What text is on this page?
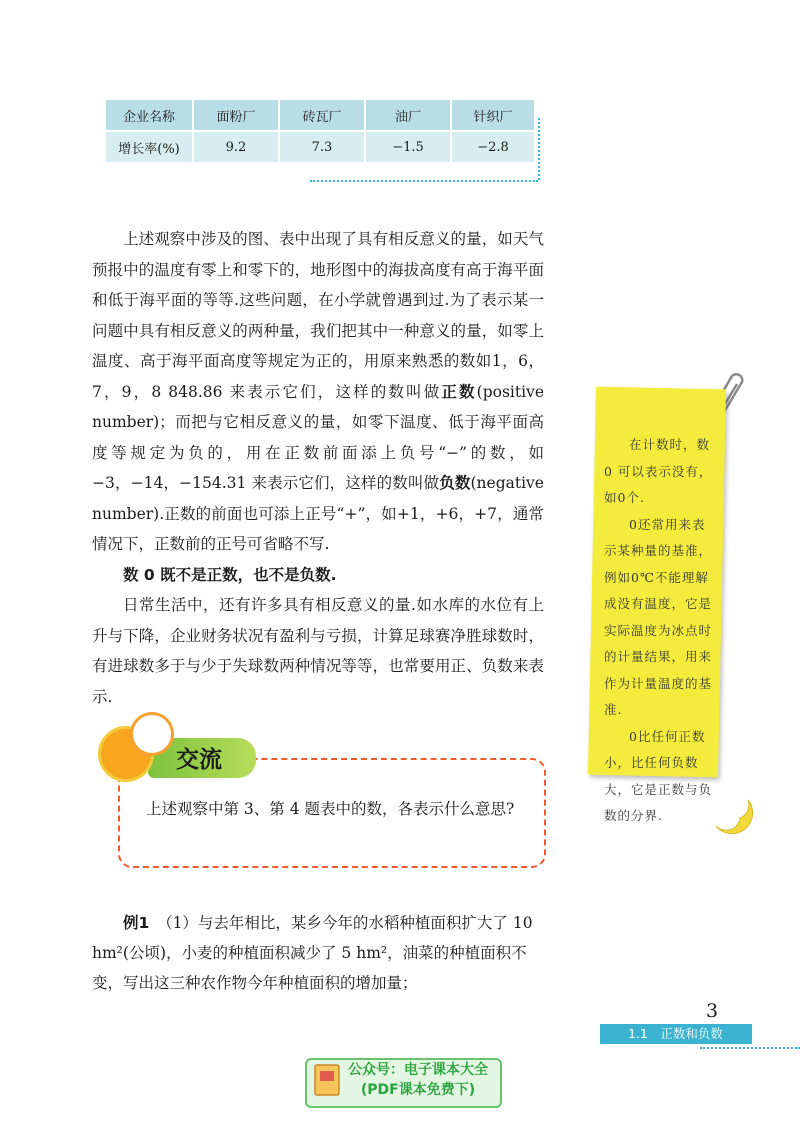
企业名称	面粉厂	砖瓦厂	油厂	针织厂
增长率(%)	9.2	7.3	−1.5	−2.8

上述观察中涉及的图、表中出现了具有相反意义的量，如天气预报中的温度有零上和零下的，地形图中的海拔高度有高于海平面和低于海平面的等等.这些问题，在小学就曾遇到过.为了表示某一问题中具有相反意义的两种量，我们把其中一种意义的量，如零上温度、高于海平面高度等规定为正的，用原来熟悉的数如1，6，7，9，8 848.86 来表示它们，这样的数叫做正数(positive number)；而把与它相反意义的量，如零下温度、低于海平面高度等规定为负的，用在正数前面添上负号“−”的数，如 −3，−14，−154.31 来表示它们，这样的数叫做负数(negative number).正数的前面也可添上正号“+”，如+1，+6，+7，通常情况下，正数前的正号可省略不写.

数 0 既不是正数，也不是负数.

日常生活中，还有许多具有相反意义的量.如水库的水位有上升与下降，企业财务状况有盈利与亏损，计算足球赛净胜球数时，有进球数多于与少于失球数两种情况等等，也常要用正、负数来表示.

在计数时，数0 可以表示没有，如0个.

0还常用来表示某种量的基准，例如0℃不能理解成没有温度，它是实际温度为冰点时的计量结果，用来作为计量温度的基准.

0比任何正数小，比任何负数大，它是正数与负数的分界.

交流
上述观察中第 3、第 4 题表中的数，各表示什么意思?

例1　 （1）与去年相比，某乡今年的水稻种植面积扩大了 10 hm²(公顷)，小麦的种植面积减少了 5 hm²，油菜的种植面积不变，写出这三种农作物今年种植面积的增加量；

3
1.1　正数和负数
公众号：电子课本大全
(PDF课本免费下)
